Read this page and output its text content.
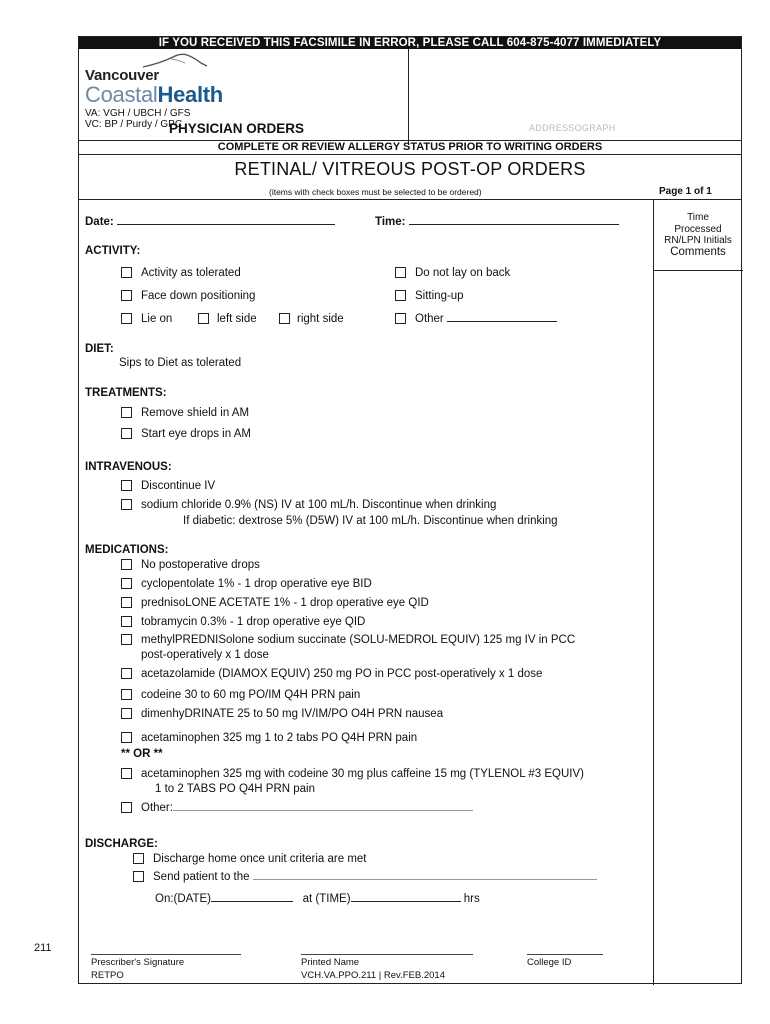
211
IF YOU RECEIVED THIS FACSIMILE IN ERROR, PLEASE CALL 604-875-4077 IMMEDIATELY
Vancouver
CoastalHealth
VA: VGH / UBCH / GFS
VC: BP / Purdy / GPC
PHYSICIAN ORDERS	ADDRESSOGRAPH
COMPLETE OR REVIEW ALLERGY STATUS PRIOR TO WRITING ORDERS
RETINAL/ VITREOUS POST-OP ORDERS
(items with check boxes must be selected to be ordered)	Page 1 of 1
Time
Processed
RN/LPN Initials
Comments
Date:	Time:
ACTIVITY:
Activity as tolerated	Do not lay on back
Face down positioning	Sitting-up
Lie on	left side	right side	Other
DIET:
Sips to Diet as tolerated
TREATMENTS:
Remove shield in AM
Start eye drops in AM
INTRAVENOUS:
Discontinue IV
sodium chloride 0.9% (NS) IV at 100 mL/h. Discontinue when drinking
If diabetic: dextrose 5% (D5W) IV at 100 mL/h. Discontinue when drinking
MEDICATIONS:
No postoperative drops
cyclopentolate 1% - 1 drop operative eye BID
prednisoLONE ACETATE 1% - 1 drop operative eye QID
tobramycin 0.3% - 1 drop operative eye QID
methylPREDNISolone sodium succinate (SOLU-MEDROL EQUIV) 125 mg IV in PCC
post-operatively x 1 dose
acetazolamide (DIAMOX EQUIV) 250 mg PO in PCC post-operatively x 1 dose
codeine 30 to 60 mg PO/IM Q4H PRN pain
dimenhyDRINATE 25 to 50 mg IV/IM/PO O4H PRN nausea
acetaminophen 325 mg 1 to 2 tabs PO Q4H PRN pain
** OR **
acetaminophen 325 mg with codeine 30 mg plus caffeine 15 mg (TYLENOL #3 EQUIV)
1 to 2 TABS PO Q4H PRN pain
Other:
DISCHARGE:
Discharge home once unit criteria are met
Send patient to the
On:(DATE)	at (TIME)	hrs
Prescriber's Signature	Printed Name	College ID
RETPO	VCH.VA.PPO.211 | Rev.FEB.2014
